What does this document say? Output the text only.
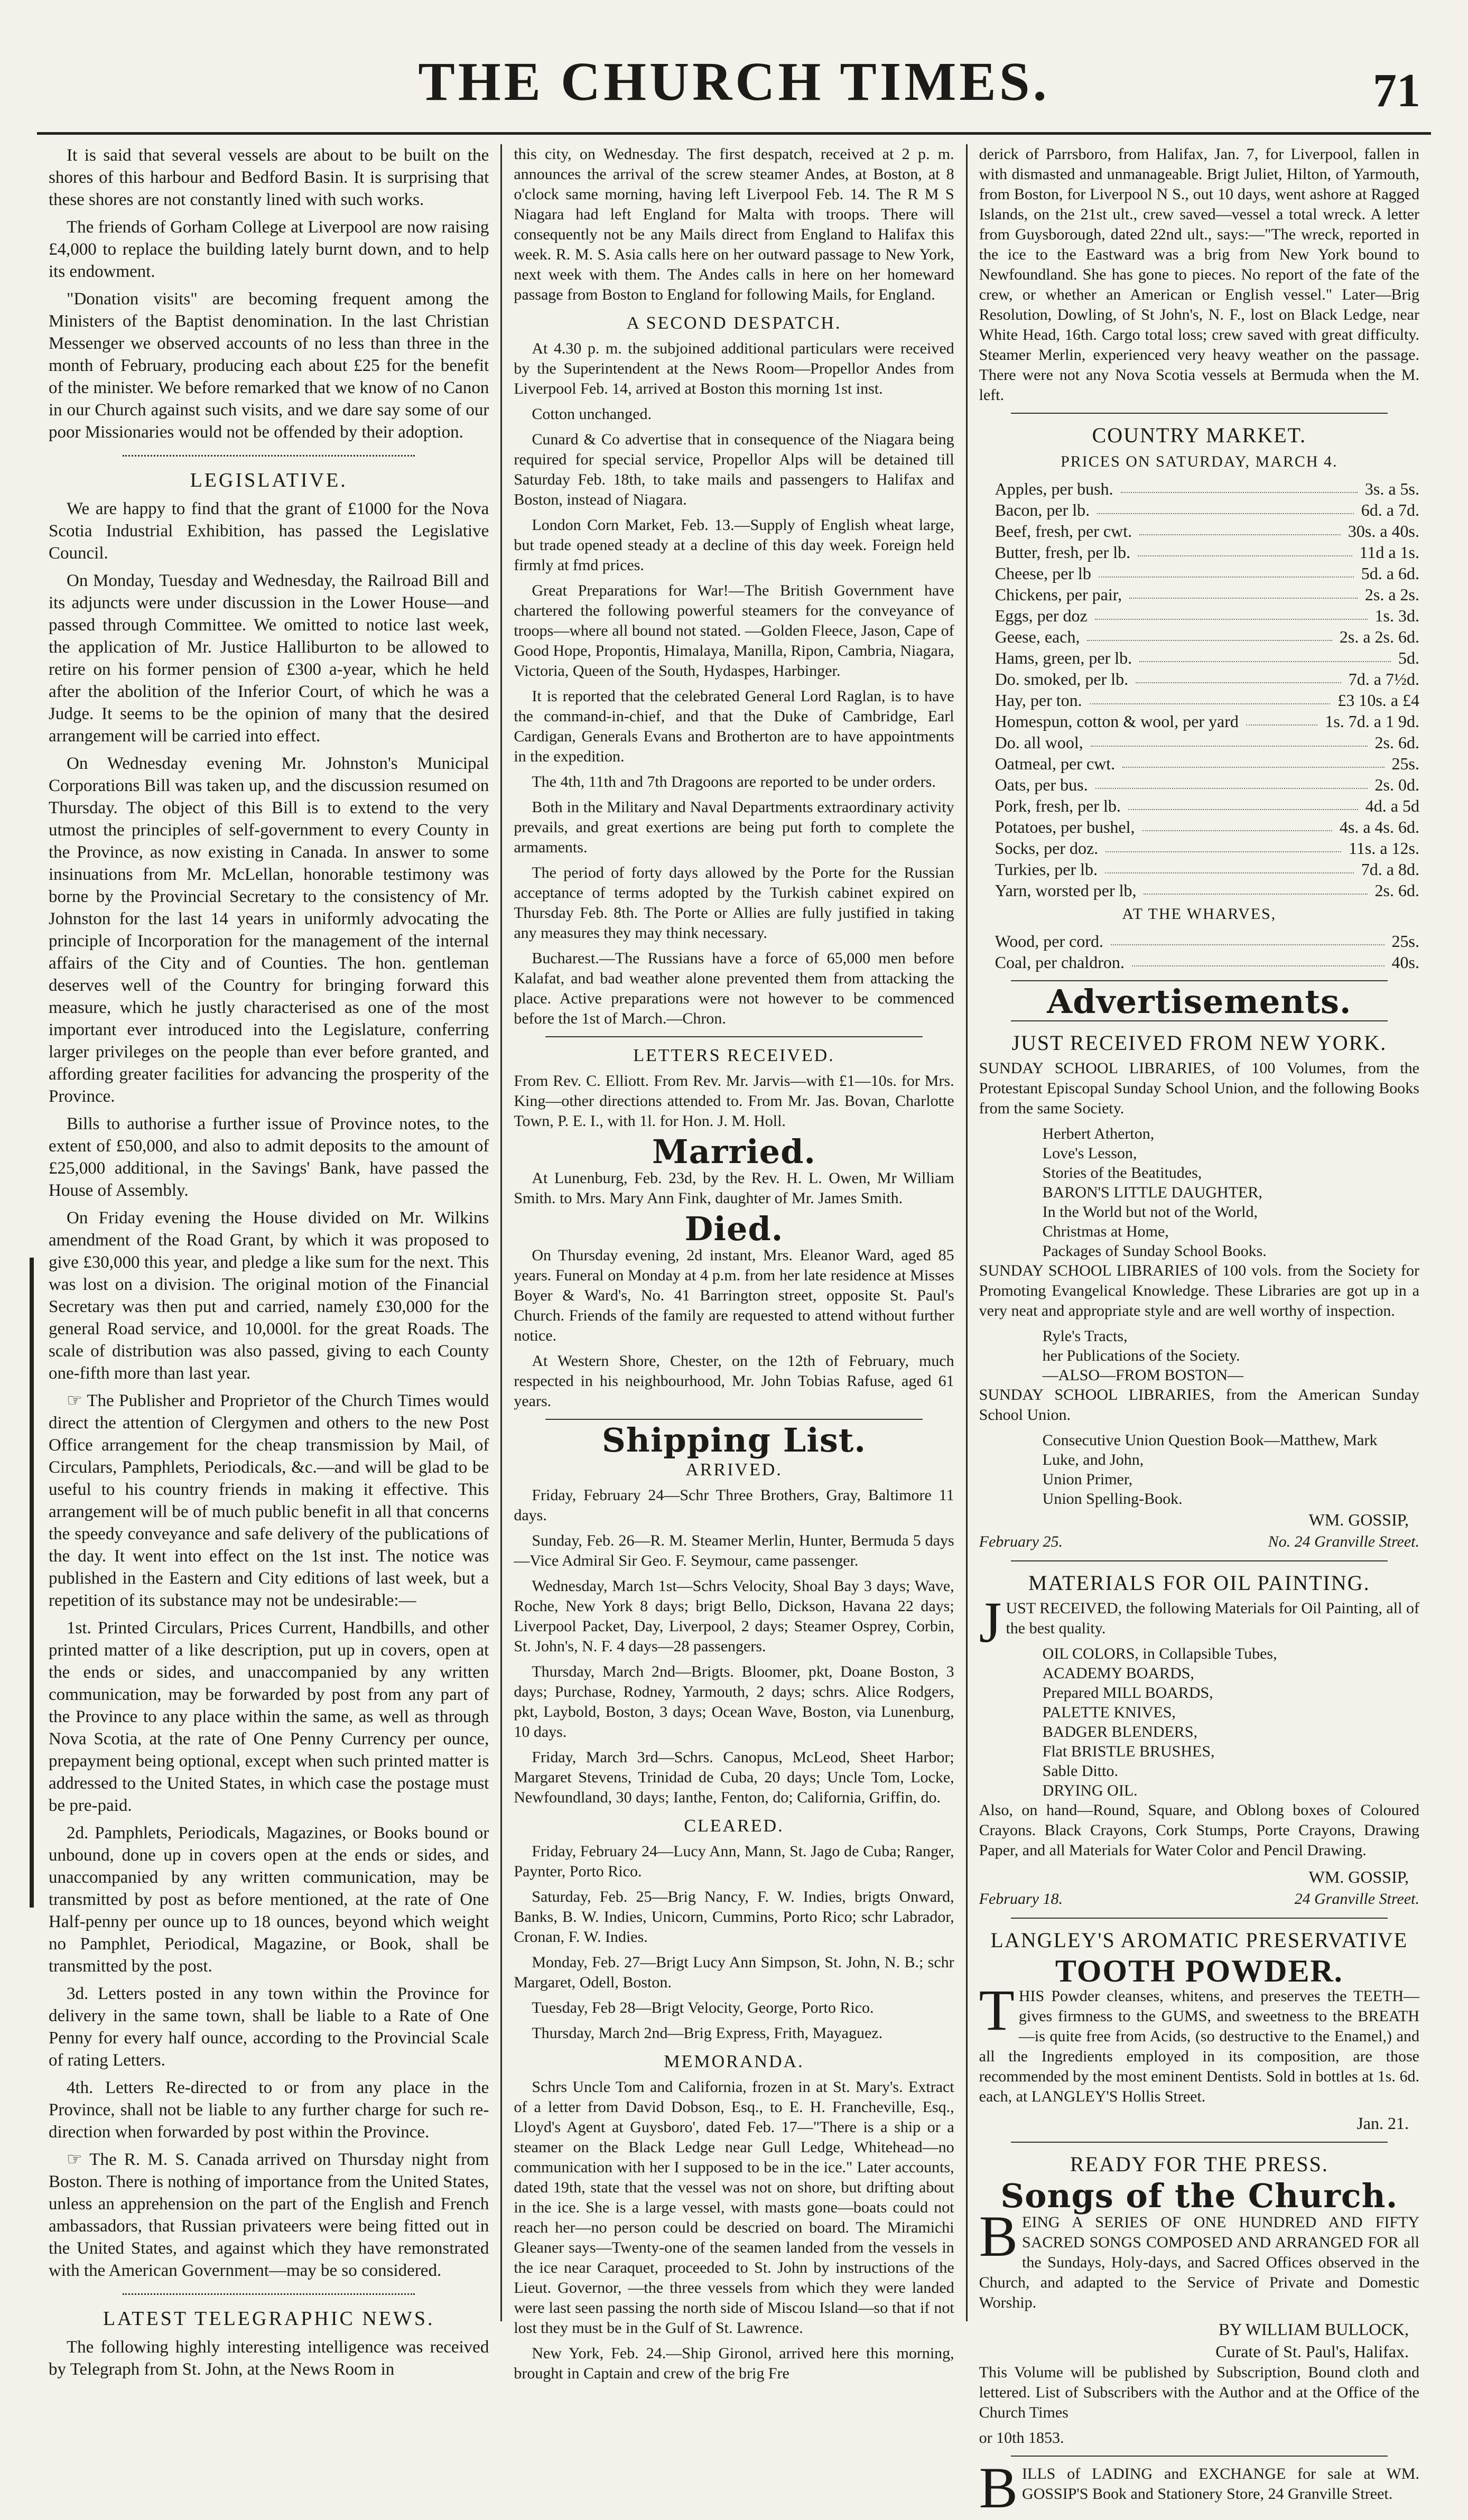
THE CHURCH TIMES.	71

It is said that several vessels are about to be built on the shores of this harbour and Bedford Basin. It is surprising that these shores are not constantly lined with such works.

The friends of Gorham College at Liverpool are now raising £4,000 to replace the building lately burnt down, and to help its endowment.

"Donation visits" are becoming frequent among the Ministers of the Baptist denomination. In the last Christian Messenger we observed accounts of no less than three in the month of February, producing each about £25 for the benefit of the minister. We before remarked that we know of no Canon in our Church against such visits, and we dare say some of our poor Missionaries would not be offended by their adoption.

LEGISLATIVE.

We are happy to find that the grant of £1000 for the Nova Scotia Industrial Exhibition, has passed the Legislative Council.

On Monday, Tuesday and Wednesday, the Railroad Bill and its adjuncts were under discussion in the Lower House—and passed through Committee. We omitted to notice last week, the application of Mr. Justice Halliburton to be allowed to retire on his former pension of £300 a-year, which he held after the abolition of the Inferior Court, of which he was a Judge. It seems to be the opinion of many that the desired arrangement will be carried into effect.

On Wednesday evening Mr. Johnston's Municipal Corporations Bill was taken up, and the discussion resumed on Thursday. The object of this Bill is to extend to the very utmost the principles of self-government to every County in the Province, as now existing in Canada. In answer to some insinuations from Mr. McLellan, honorable testimony was borne by the Provincial Secretary to the consistency of Mr. Johnston for the last 14 years in uniformly advocating the principle of Incorporation for the management of the internal affairs of the City and of Counties. The hon. gentleman deserves well of the Country for bringing forward this measure, which he justly characterised as one of the most important ever introduced into the Legislature, conferring larger privileges on the people than ever before granted, and affording greater facilities for advancing the prosperity of the Province.

Bills to authorise a further issue of Province notes, to the extent of £50,000, and also to admit deposits to the amount of £25,000 additional, in the Savings' Bank, have passed the House of Assembly.

On Friday evening the House divided on Mr. Wilkins amendment of the Road Grant, by which it was proposed to give £30,000 this year, and pledge a like sum for the next. This was lost on a division. The original motion of the Financial Secretary was then put and carried, namely £30,000 for the general Road service, and 10,000l. for the great Roads. The scale of distribution was also passed, giving to each County one-fifth more than last year.

☞ The Publisher and Proprietor of the Church Times would direct the attention of Clergymen and others to the new Post Office arrangement for the cheap transmission by Mail, of Circulars, Pamphlets, Periodicals, &c.—and will be glad to be useful to his country friends in making it effective. This arrangement will be of much public benefit in all that concerns the speedy conveyance and safe delivery of the publications of the day. It went into effect on the 1st inst. The notice was published in the Eastern and City editions of last week, but a repetition of its substance may not be undesirable:—

1st. Printed Circulars, Prices Current, Handbills, and other printed matter of a like description, put up in covers, open at the ends or sides, and unaccompanied by any written communication, may be forwarded by post from any part of the Province to any place within the same, as well as through Nova Scotia, at the rate of One Penny Currency per ounce, prepayment being optional, except when such printed matter is addressed to the United States, in which case the postage must be pre-paid.

2d. Pamphlets, Periodicals, Magazines, or Books bound or unbound, done up in covers open at the ends or sides, and unaccompanied by any written communication, may be transmitted by post as before mentioned, at the rate of One Half-penny per ounce up to 18 ounces, beyond which weight no Pamphlet, Periodical, Magazine, or Book, shall be transmitted by the post.

3d. Letters posted in any town within the Province for delivery in the same town, shall be liable to a Rate of One Penny for every half ounce, according to the Provincial Scale of rating Letters.

4th. Letters Re-directed to or from any place in the Province, shall not be liable to any further charge for such re-direction when forwarded by post within the Province.

☞ The R. M. S. Canada arrived on Thursday night from Boston. There is nothing of importance from the United States, unless an apprehension on the part of the English and French ambassadors, that Russian privateers were being fitted out in the United States, and against which they have remonstrated with the American Government—may be so considered.

LATEST TELEGRAPHIC NEWS.

The following highly interesting intelligence was received by Telegraph from St. John, at the News Room in

this city, on Wednesday. The first despatch, received at 2 p. m. announces the arrival of the screw steamer Andes, at Boston, at 8 o'clock same morning, having left Liverpool Feb. 14. The R M S Niagara had left England for Malta with troops. There will consequently not be any Mails direct from England to Halifax this week. R. M. S. Asia calls here on her outward passage to New York, next week with them. The Andes calls in here on her homeward passage from Boston to England for following Mails, for England.

A SECOND DESPATCH.

At 4.30 p. m. the subjoined additional particulars were received by the Superintendent at the News Room—Propellor Andes from Liverpool Feb. 14, arrived at Boston this morning 1st inst.

Cotton unchanged.

Cunard & Co advertise that in consequence of the Niagara being required for special service, Propellor Alps will be detained till Saturday Feb. 18th, to take mails and passengers to Halifax and Boston, instead of Niagara.

London Corn Market, Feb. 13.—Supply of English wheat large, but trade opened steady at a decline of this day week. Foreign held firmly at fmd prices.

Great Preparations for War!—The British Government have chartered the following powerful steamers for the conveyance of troops—where all bound not stated. —Golden Fleece, Jason, Cape of Good Hope, Propontis, Himalaya, Manilla, Ripon, Cambria, Niagara, Victoria, Queen of the South, Hydaspes, Harbinger.

It is reported that the celebrated General Lord Raglan, is to have the command-in-chief, and that the Duke of Cambridge, Earl Cardigan, Generals Evans and Brotherton are to have appointments in the expedition.

The 4th, 11th and 7th Dragoons are reported to be under orders.

Both in the Military and Naval Departments extraordinary activity prevails, and great exertions are being put forth to complete the armaments.

The period of forty days allowed by the Porte for the Russian acceptance of terms adopted by the Turkish cabinet expired on Thursday Feb. 8th. The Porte or Allies are fully justified in taking any measures they may think necessary.

Bucharest.—The Russians have a force of 65,000 men before Kalafat, and bad weather alone prevented them from attacking the place. Active preparations were not however to be commenced before the 1st of March.—Chron.

LETTERS RECEIVED.

From Rev. C. Elliott. From Rev. Mr. Jarvis—with £1—10s. for Mrs. King—other directions attended to. From Mr. Jas. Bovan, Charlotte Town, P. E. I., with 1l. for Hon. J. M. Holl.

Married.

At Lunenburg, Feb. 23d, by the Rev. H. L. Owen, Mr William Smith. to Mrs. Mary Ann Fink, daughter of Mr. James Smith.

Died.

On Thursday evening, 2d instant, Mrs. Eleanor Ward, aged 85 years. Funeral on Monday at 4 p.m. from her late residence at Misses Boyer & Ward's, No. 41 Barrington street, opposite St. Paul's Church. Friends of the family are requested to attend without further notice.

At Western Shore, Chester, on the 12th of February, much respected in his neighbourhood, Mr. John Tobias Rafuse, aged 61 years.

Shipping List.
ARRIVED.

Friday, February 24—Schr Three Brothers, Gray, Baltimore 11 days.

Sunday, Feb. 26—R. M. Steamer Merlin, Hunter, Bermuda 5 days—Vice Admiral Sir Geo. F. Seymour, came passenger.

Wednesday, March 1st—Schrs Velocity, Shoal Bay 3 days; Wave, Roche, New York 8 days; brigt Bello, Dickson, Havana 22 days; Liverpool Packet, Day, Liverpool, 2 days; Steamer Osprey, Corbin, St. John's, N. F. 4 days—28 passengers.

Thursday, March 2nd—Brigts. Bloomer, pkt, Doane Boston, 3 days; Purchase, Rodney, Yarmouth, 2 days; schrs. Alice Rodgers, pkt, Laybold, Boston, 3 days; Ocean Wave, Boston, via Lunenburg, 10 days.

Friday, March 3rd—Schrs. Canopus, McLeod, Sheet Harbor; Margaret Stevens, Trinidad de Cuba, 20 days; Uncle Tom, Locke, Newfoundland, 30 days; Ianthe, Fenton, do; California, Griffin, do.

CLEARED.

Friday, February 24—Lucy Ann, Mann, St. Jago de Cuba; Ranger, Paynter, Porto Rico.

Saturday, Feb. 25—Brig Nancy, F. W. Indies, brigts Onward, Banks, B. W. Indies, Unicorn, Cummins, Porto Rico; schr Labrador, Cronan, F. W. Indies.

Monday, Feb. 27—Brigt Lucy Ann Simpson, St. John, N. B.; schr Margaret, Odell, Boston.

Tuesday, Feb 28—Brigt Velocity, George, Porto Rico.

Thursday, March 2nd—Brig Express, Frith, Mayaguez.

MEMORANDA.

Schrs Uncle Tom and California, frozen in at St. Mary's. Extract of a letter from David Dobson, Esq., to E. H. Francheville, Esq., Lloyd's Agent at Guysboro', dated Feb. 17—"There is a ship or a steamer on the Black Ledge near Gull Ledge, Whitehead—no communication with her I supposed to be in the ice." Later accounts, dated 19th, state that the vessel was not on shore, but drifting about in the ice. She is a large vessel, with masts gone—boats could not reach her—no person could be descried on board. The Miramichi Gleaner says—Twenty-one of the seamen landed from the vessels in the ice near Caraquet, proceeded to St. John by instructions of the Lieut. Governor, —the three vessels from which they were landed were last seen passing the north side of Miscou Island—so that if not lost they must be in the Gulf of St. Lawrence.

New York, Feb. 24.—Ship Gironol, arrived here this morning, brought in Captain and crew of the brig Fre

derick of Parrsboro, from Halifax, Jan. 7, for Liverpool, fallen in with dismasted and unmanageable. Brigt Juliet, Hilton, of Yarmouth, from Boston, for Liverpool N S., out 10 days, went ashore at Ragged Islands, on the 21st ult., crew saved—vessel a total wreck. A letter from Guysborough, dated 22nd ult., says:—"The wreck, reported in the ice to the Eastward was a brig from New York bound to Newfoundland. She has gone to pieces. No report of the fate of the crew, or whether an American or English vessel." Later—Brig Resolution, Dowling, of St John's, N. F., lost on Black Ledge, near White Head, 16th. Cargo total loss; crew saved with great difficulty. Steamer Merlin, experienced very heavy weather on the passage. There were not any Nova Scotia vessels at Bermuda when the M. left.

COUNTRY MARKET.
PRICES ON SATURDAY, MARCH 4.
Apples, per bush.	3s. a 5s.
Bacon, per lb.	6d. a 7d.
Beef, fresh, per cwt.	30s. a 40s.
Butter, fresh, per lb.	11d a 1s.
Cheese, per lb	5d. a 6d.
Chickens, per pair,	2s. a 2s.
Eggs, per doz	1s. 3d.
Geese, each,	2s. a 2s. 6d.
Hams, green, per lb.	5d.
Do. smoked, per lb.	7d. a 7½d.
Hay, per ton.	£3 10s. a £4
Homespun, cotton & wool, per yard	1s. 7d. a 1 9d.
Do. all wool,	2s. 6d.
Oatmeal, per cwt.	25s.
Oats, per bus.	2s. 0d.
Pork, fresh, per lb.	4d. a 5d
Potatoes, per bushel,	4s. a 4s. 6d.
Socks, per doz.	11s. a 12s.
Turkies, per lb.	7d. a 8d.
Yarn, worsted per lb,	2s. 6d.
AT THE WHARVES,
Wood, per cord.	25s.
Coal, per chaldron.	40s.
Advertisements.
JUST RECEIVED FROM NEW YORK.

SUNDAY SCHOOL LIBRARIES, of 100 Volumes, from the Protestant Episcopal Sunday School Union, and the following Books from the same Society.

Herbert Atherton,
Love's Lesson,
Stories of the Beatitudes,
BARON'S LITTLE DAUGHTER,
In the World but not of the World,
Christmas at Home,
Packages of Sunday School Books.

SUNDAY SCHOOL LIBRARIES of 100 vols. from the Society for Promoting Evangelical Knowledge. These Libraries are got up in a very neat and appropriate style and are well worthy of inspection.

Ryle's Tracts,
her Publications of the Society.
—ALSO—FROM BOSTON—

SUNDAY SCHOOL LIBRARIES, from the American Sunday School Union.

Consecutive Union Question Book—Matthew, Mark
Luke, and John,
Union Primer,
Union Spelling-Book.
WM. GOSSIP,
February 25.	No. 24 Granville Street.
MATERIALS FOR OIL PAINTING.

JUST RECEIVED, the following Materials for Oil Painting, all of the best quality.

OIL COLORS, in Collapsible Tubes,
ACADEMY BOARDS,
Prepared MILL BOARDS,
PALETTE KNIVES,
BADGER BLENDERS,
Flat BRISTLE BRUSHES,
Sable Ditto.
DRYING OIL.

Also, on hand—Round, Square, and Oblong boxes of Coloured Crayons. Black Crayons, Cork Stumps, Porte Crayons, Drawing Paper, and all Materials for Water Color and Pencil Drawing.

WM. GOSSIP,
February 18.	24 Granville Street.
LANGLEY'S AROMATIC PRESERVATIVE
TOOTH POWDER.

THIS Powder cleanses, whitens, and preserves the TEETH—gives firmness to the GUMS, and sweetness to the BREATH—is quite free from Acids, (so destructive to the Enamel,) and all the Ingredients employed in its composition, are those recommended by the most eminent Dentists. Sold in bottles at 1s. 6d. each, at LANGLEY'S Hollis Street.

Jan. 21.
READY FOR THE PRESS.
Songs of the Church.

BEING A SERIES OF ONE HUNDRED AND FIFTY SACRED SONGS COMPOSED AND ARRANGED FOR all the Sundays, Holy-days, and Sacred Offices observed in the Church, and adapted to the Service of Private and Domestic Worship.

BY WILLIAM BULLOCK,
Curate of St. Paul's, Halifax.

This Volume will be published by Subscription, Bound cloth and lettered. List of Subscribers with the Author and at the Office of the Church Times

or 10th 1853.

BILLS of LADING and EXCHANGE for sale at WM. GOSSIP'S Book and Stationery Store, 24 Granville Street.
